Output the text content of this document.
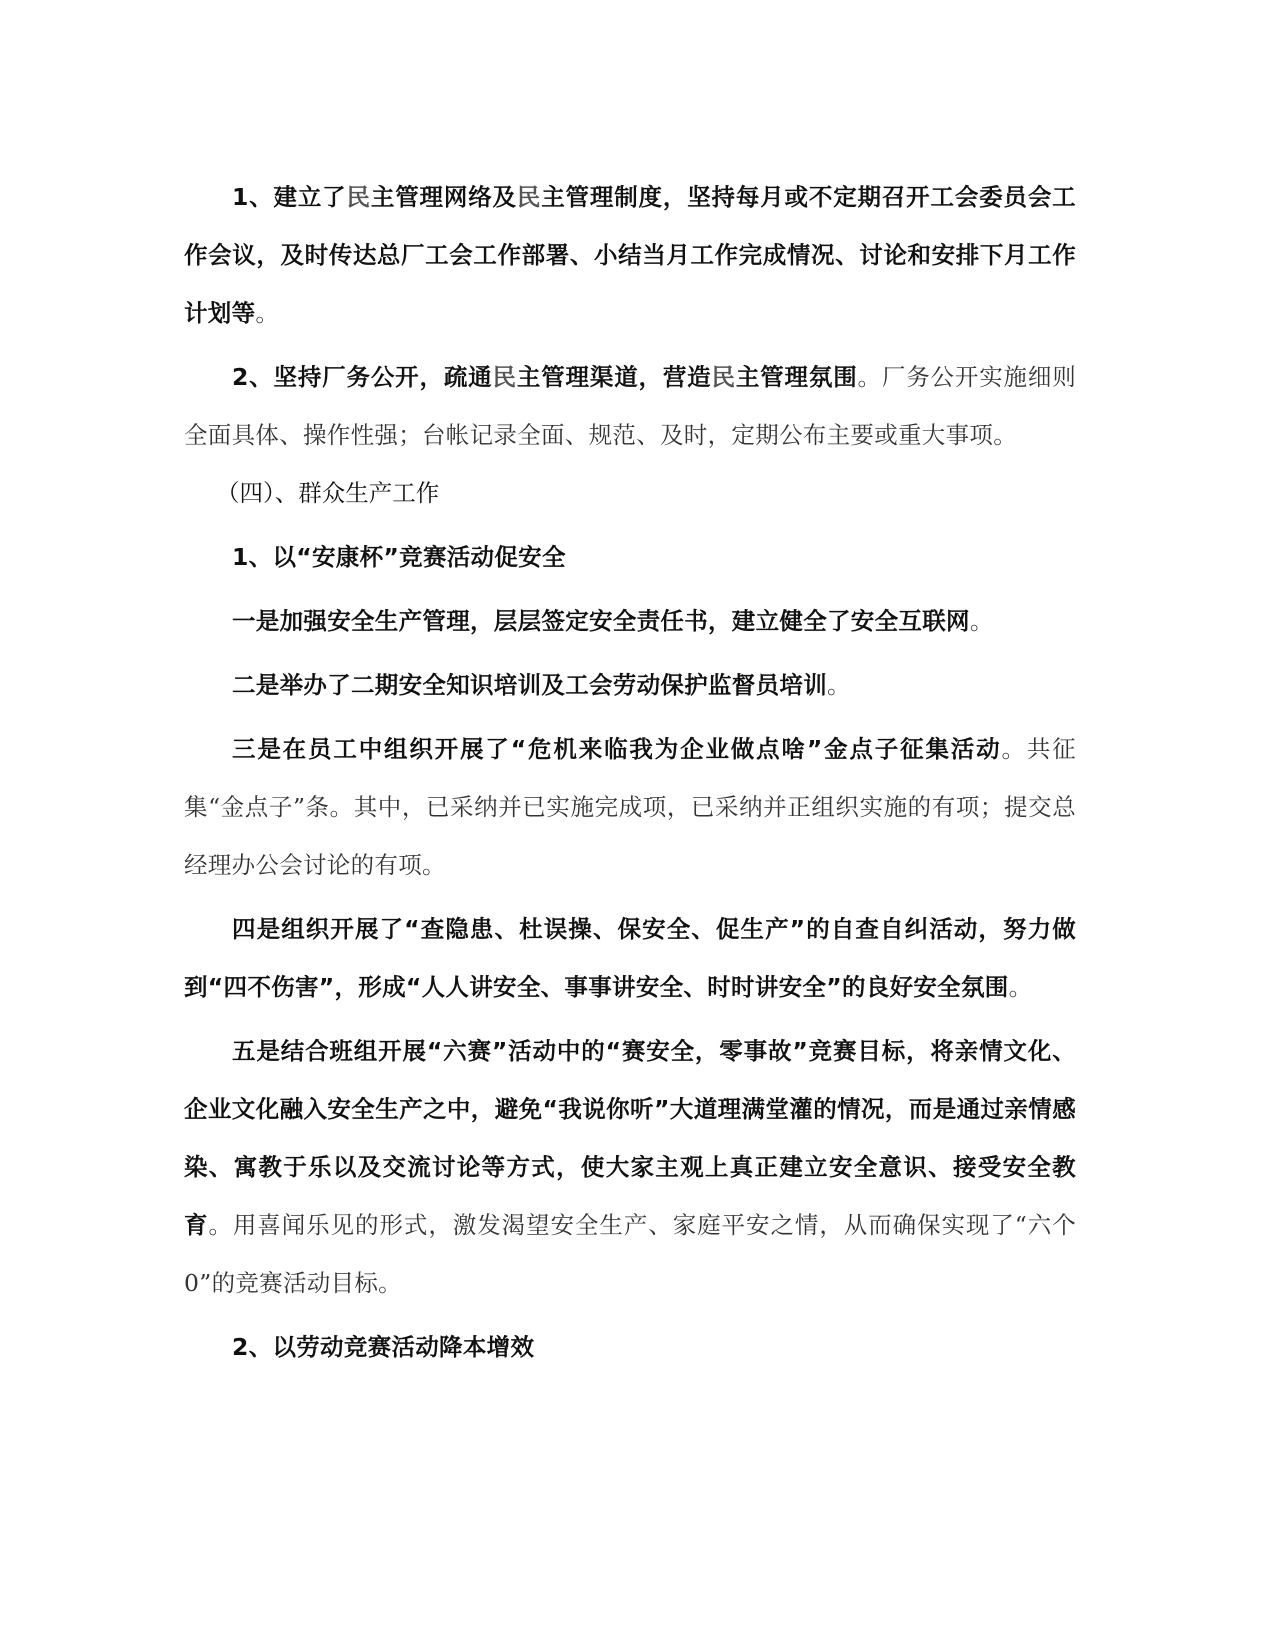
1、建立了民主管理网络及民主管理制度，坚持每月或不定期召开工会委员会工作会议，及时传达总厂工会工作部署、小结当月工作完成情况、讨论和安排下月工作计划等。

2、坚持厂务公开，疏通民主管理渠道，营造民主管理氛围。厂务公开实施细则全面具体、操作性强；台帐记录全面、规范、及时，定期公布主要或重大事项。

（四）、群众生产工作

1、以“安康杯”竞赛活动促安全

一是加强安全生产管理，层层签定安全责任书，建立健全了安全互联网。

二是举办了二期安全知识培训及工会劳动保护监督员培训。

三是在员工中组织开展了“危机来临我为企业做点啥”金点子征集活动。共征集“金点子”条。其中，已采纳并已实施完成项，已采纳并正组织实施的有项；提交总经理办公会讨论的有项。

四是组织开展了“查隐患、杜误操、保安全、促生产”的自查自纠活动，努力做到“四不伤害”，形成“人人讲安全、事事讲安全、时时讲安全”的良好安全氛围。

五是结合班组开展“六赛”活动中的“赛安全，零事故”竞赛目标，将亲情文化、企业文化融入安全生产之中，避免“我说你听”大道理满堂灌的情况，而是通过亲情感染、寓教于乐以及交流讨论等方式，使大家主观上真正建立安全意识、接受安全教育。用喜闻乐见的形式，激发渴望安全生产、家庭平安之情，从而确保实现了“六个0”的竞赛活动目标。

2、以劳动竞赛活动降本增效
